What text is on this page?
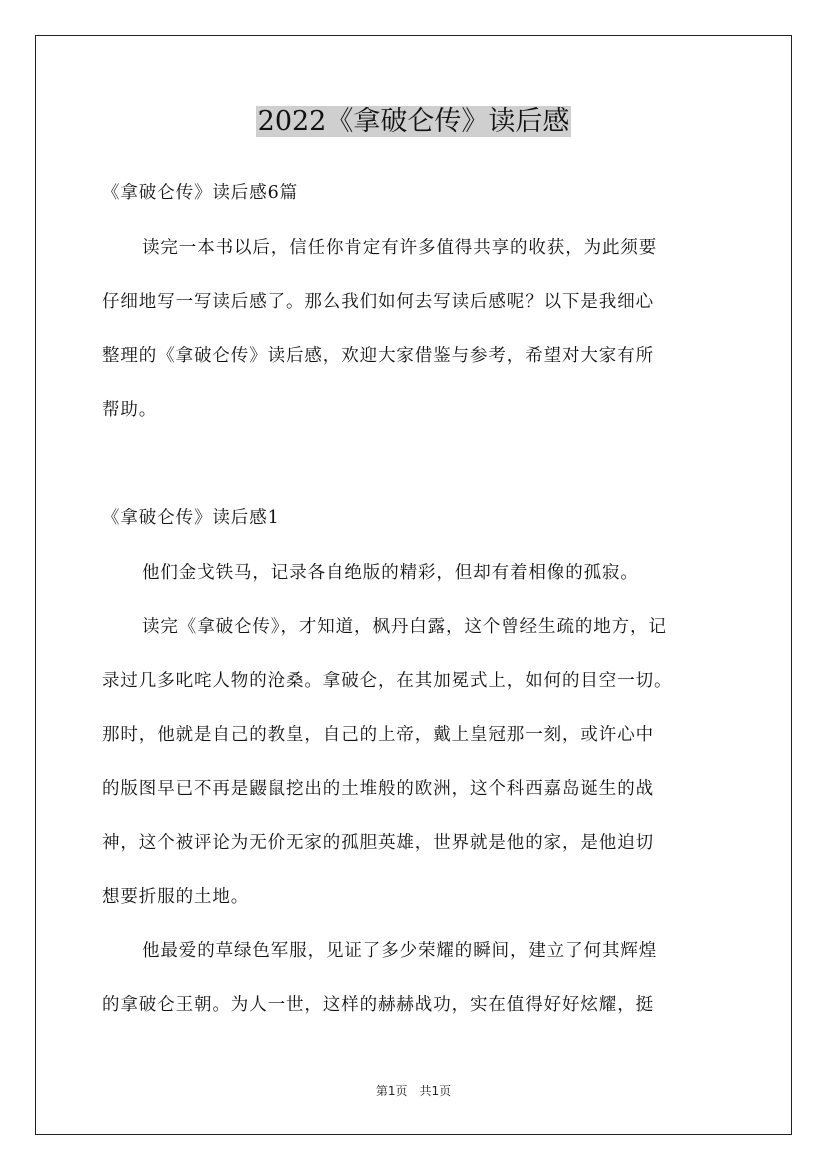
2022《拿破仑传》读后感
《拿破仑传》读后感6篇
读完一本书以后，信任你肯定有许多值得共享的收获，为此须要
仔细地写一写读后感了。那么我们如何去写读后感呢？以下是我细心
整理的《拿破仑传》读后感，欢迎大家借鉴与参考，希望对大家有所
帮助。
《拿破仑传》读后感1
他们金戈铁马，记录各自绝版的精彩，但却有着相像的孤寂。
读完《拿破仑传》，才知道，枫丹白露，这个曾经生疏的地方，记
录过几多叱咤人物的沧桑。拿破仑，在其加冕式上，如何的目空一切。
那时，他就是自己的教皇，自己的上帝，戴上皇冠那一刻，或许心中
的版图早已不再是鼹鼠挖出的土堆般的欧洲，这个科西嘉岛诞生的战
神，这个被评论为无价无家的孤胆英雄，世界就是他的家，是他迫切
想要折服的土地。
他最爱的草绿色军服，见证了多少荣耀的瞬间，建立了何其辉煌
的拿破仑王朝。为人一世，这样的赫赫战功，实在值得好好炫耀，挺
第1页 共1页
